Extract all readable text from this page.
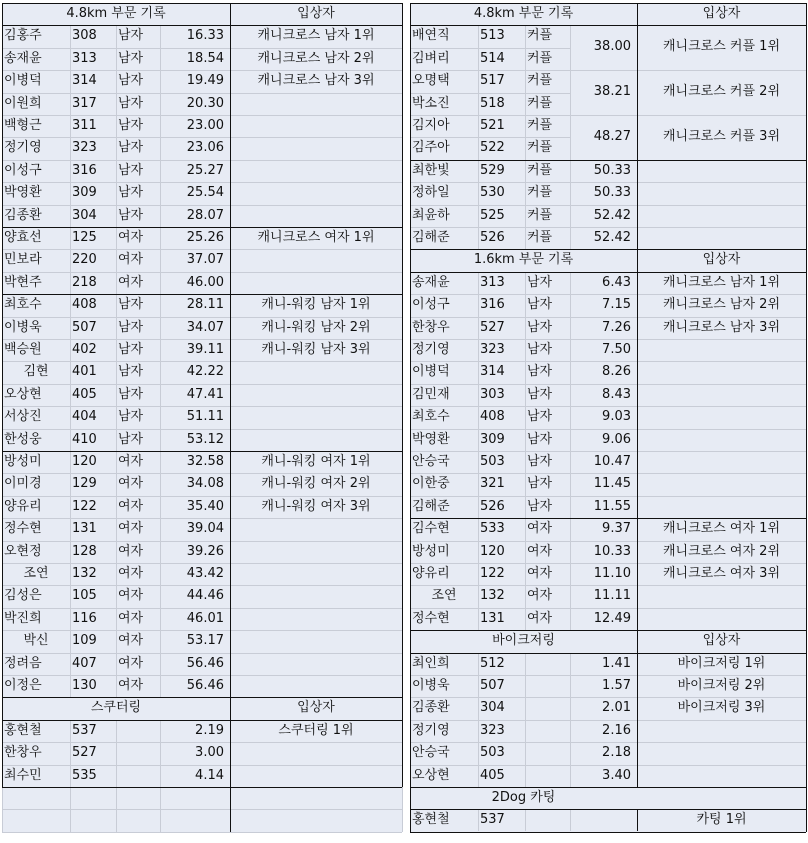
4.8km 부문 기록	입상자
김홍주	308	남자	16.33	캐니크로스 남자 1위
송재윤	313	남자	18.54	캐니크로스 남자 2위
이병덕	314	남자	19.49	캐니크로스 남자 3위
이원희	317	남자	20.30
백형근	311	남자	23.00
정기영	323	남자	23.06
이성구	316	남자	25.27
박영환	309	남자	25.54
김종환	304	남자	28.07
양효선	125	여자	25.26	캐니크로스 여자 1위
민보라	220	여자	37.07
박현주	218	여자	46.00
최호수	408	남자	28.11	캐니-워킹 남자 1위
이병욱	507	남자	34.07	캐니-워킹 남자 2위
백승원	402	남자	39.11	캐니-워킹 남자 3위
김현	401	남자	42.22
오상현	405	남자	47.41
서상진	404	남자	51.11
한성웅	410	남자	53.12
방성미	120	여자	32.58	캐니-워킹 여자 1위
이미경	129	여자	34.08	캐니-워킹 여자 2위
양유리	122	여자	35.40	캐니-워킹 여자 3위
정수현	131	여자	39.04
오현정	128	여자	39.26
조연	132	여자	43.42
김성은	105	여자	44.46
박진희	116	여자	46.01
박신	109	여자	53.17
정려음	407	여자	56.46
이정은	130	여자	56.46
스쿠터링	입상자
홍현철	537	2.19	스쿠터링 1위
한창우	527	3.00
최수민	535	4.14
4.8km 부문 기록	입상자
배연직	513	커플
김벼리	514	커플
38.00	캐니크로스 커플 1위
오명택	517	커플
박소진	518	커플
38.21	캐니크로스 커플 2위
김지아	521	커플
김주아	522	커플
48.27	캐니크로스 커플 3위
최한빛	529	커플	50.33
정하일	530	커플	50.33
최윤하	525	커플	52.42
김해준	526	커플	52.42
1.6km 부문 기록	입상자
송재윤	313	남자	6.43	캐니크로스 남자 1위
이성구	316	남자	7.15	캐니크로스 남자 2위
한창우	527	남자	7.26	캐니크로스 남자 3위
정기영	323	남자	7.50
이병덕	314	남자	8.26
김민재	303	남자	8.43
최호수	408	남자	9.03
박영환	309	남자	9.06
안승국	503	남자	10.47
이한중	321	남자	11.45
김해준	526	남자	11.55
김수현	533	여자	9.37	캐니크로스 여자 1위
방성미	120	여자	10.33	캐니크로스 여자 2위
양유리	122	여자	11.10	캐니크로스 여자 3위
조연	132	여자	11.11
정수현	131	여자	12.49
바이크저링	입상자
최인희	512	1.41	바이크저링 1위
이병욱	507	1.57	바이크저링 2위
김종환	304	2.01	바이크저링 3위
정기영	323	2.16
안승국	503	2.18
오상현	405	3.40
2Dog 카팅
홍현철	537	카팅 1위
